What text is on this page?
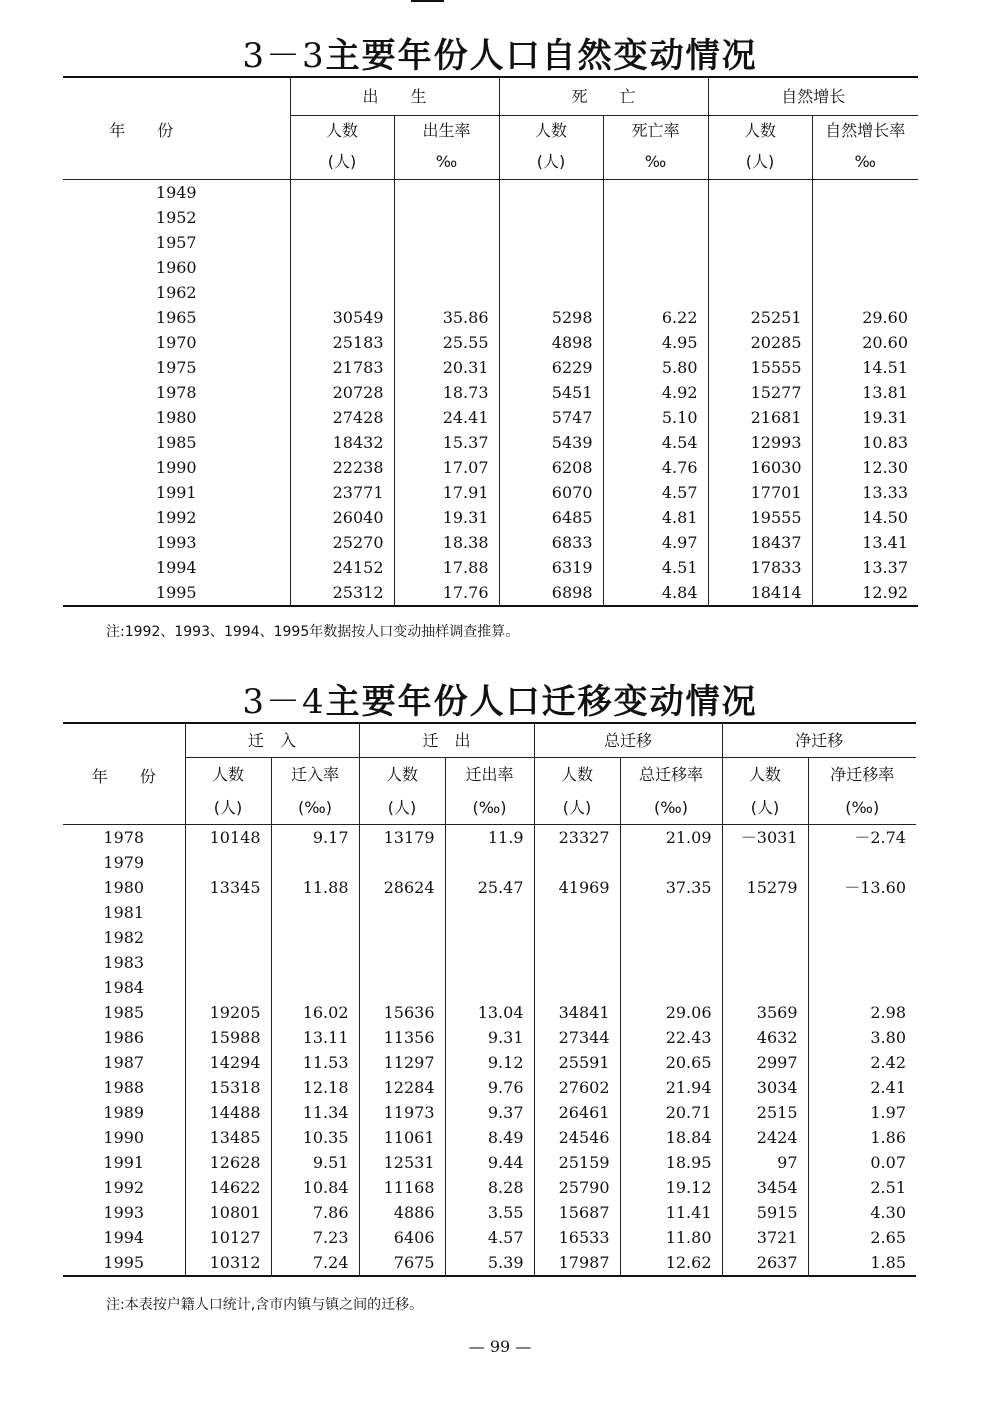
3－3主要年份人口自然变动情况
年　　份	出　　生		死　　亡		自然增长	
	人数	出生率	人数	死亡率	人数	自然增长率
	(人)	‰	(人)	‰	(人)	‰
1949						
1952						
1957						
1960						
1962						
1965	30549	35.86	5298	6.22	25251	29.60
1970	25183	25.55	4898	4.95	20285	20.60
1975	21783	20.31	6229	5.80	15555	14.51
1978	20728	18.73	5451	4.92	15277	13.81
1980	27428	24.41	5747	5.10	21681	19.31
1985	18432	15.37	5439	4.54	12993	10.83
1990	22238	17.07	6208	4.76	16030	12.30
1991	23771	17.91	6070	4.57	17701	13.33
1992	26040	19.31	6485	4.81	19555	14.50
1993	25270	18.38	6833	4.97	18437	13.41
1994	24152	17.88	6319	4.51	17833	13.37
1995	25312	17.76	6898	4.84	18414	12.92
注:1992、1993、1994、1995年数据按人口变动抽样调查推算。
3－4主要年份人口迁移变动情况
年　　份	迁　入		迁　出		总迁移		净迁移	
	人数	迁入率	人数	迁出率	人数	总迁移率	人数	净迁移率
	(人)	(‰)	(人)	(‰)	(人)	(‰)	(人)	(‰)
1978	10148	9.17	13179	11.9	23327	21.09	－3031	－2.74
1979								
1980	13345	11.88	28624	25.47	41969	37.35	15279	－13.60
1981								
1982								
1983								
1984								
1985	19205	16.02	15636	13.04	34841	29.06	3569	2.98
1986	15988	13.11	11356	9.31	27344	22.43	4632	3.80
1987	14294	11.53	11297	9.12	25591	20.65	2997	2.42
1988	15318	12.18	12284	9.76	27602	21.94	3034	2.41
1989	14488	11.34	11973	9.37	26461	20.71	2515	1.97
1990	13485	10.35	11061	8.49	24546	18.84	2424	1.86
1991	12628	9.51	12531	9.44	25159	18.95	97	0.07
1992	14622	10.84	11168	8.28	25790	19.12	3454	2.51
1993	10801	7.86	4886	3.55	15687	11.41	5915	4.30
1994	10127	7.23	6406	4.57	16533	11.80	3721	2.65
1995	10312	7.24	7675	5.39	17987	12.62	2637	1.85
注:本表按户籍人口统计,含市内镇与镇之间的迁移。
— 99 —
